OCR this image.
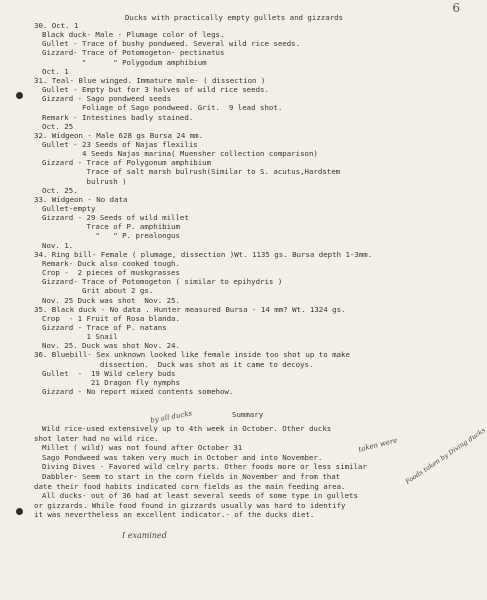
6
Ducks with practically empty gullets and gizzards
30. Oct. 1
Black duck- Male - Plumage color of legs.
Gullet - Trace of bushy pondweed. Several wild rice seeds.
Gizzard- Trace of Potomogeton- pectinatus
"      " Polygodum amphibium
Oct. 1
31. Teal- Blue winged. Immature male- ( dissection )
Gullet - Empty but for 3 halves of wild rice seeds.
Gizzard - Sago pondweed seeds
Foliage of Sago pondweed. Grit.  9 lead shot.
Remark - Intestines badly stained.
Oct. 25
32. Widgeon - Male 628 gs Bursa 24 mm.
Gullet - 23 Seeds of Najas flexilis
4 Seeds Najas marina( Muensher collection comparison)
Gizzard - Trace of Polygonum amphibium
Trace of salt marsh bulrush(Similar to S. acutus,Hardstem
bulrush )
Oct. 25.
33. Widgeon - No data
Gullet-empty
Gizzard - 29 Seeds of wild millet
Trace of P. amphibium
"   " P. prealongus
Nov. 1.
34. Ring bill- Female ( plumage, dissection )Wt. 1135 gs. Bursa depth 1-3mm.
Remark- Duck also cooked tough.
Crop -  2 pieces of muskgrasses
Gizzard- Trace of Potomogeton ( similar to epihydris )
Grit about 2 gs.
Nov. 25 Duck was shot  Nov. 25.
35. Black duck - No data . Hunter measured Bursa - 14 mm? Wt. 1324 gs.
Crop  - 1 Fruit of Rosa blanda.
Gizzard - Trace of P. natans
1 Snail
Nov. 25. Duck was shot Nov. 24.
36. Bluebill- Sex unknown looked like female inside too shot up to make
dissection.  Duck was shot as it came to decoys.
Gullet  -  19 Wild celery buds
21 Dragon fly nymphs
Gizzard - No report mixed contents somehow.
Summary
Wild rice-used extensively up to 4th week in October. Other ducks
shot later had no wild rice.
Millet ( wild) was not found after October 31
Sago Pondweed was taken very much in October and into November.
Diving Dives - Favored wild celry parts. Other foods more or less similar
Dabbler- Seem to start in the corn fields in November and from that
date their food habits indicated corn fields as the main feeding area.
All ducks- out of 36 had at least several seeds of some type in gullets
or gizzards. While food found in gizzards usually was hard to identify
it was nevertheless an excellent indicator.- of the ducks diet.
by all ducks
taken were Foods taken by Diving ducks
I examined
